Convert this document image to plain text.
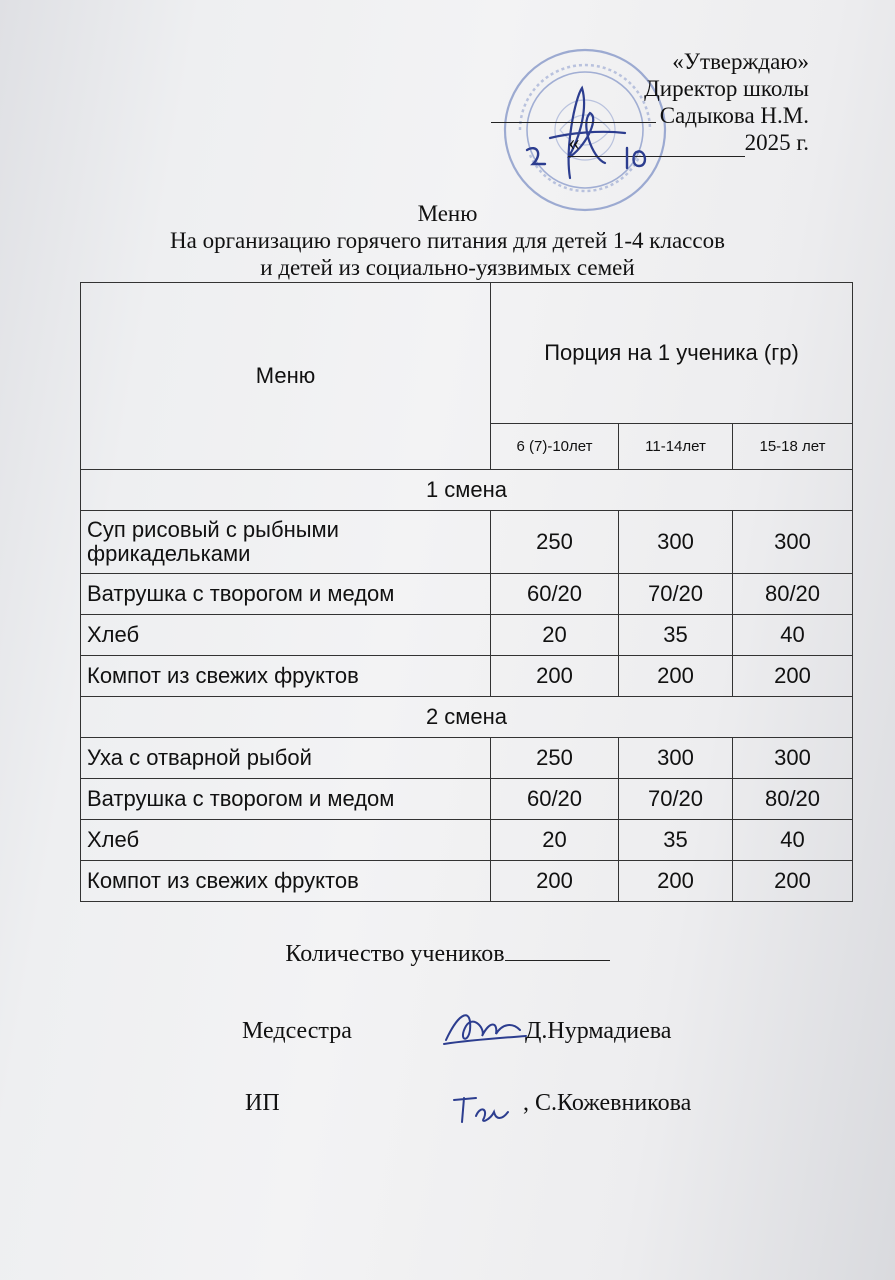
«Утверждаю»
Директор школы
Садыкова Н.М.
«	2025 г.
Меню
На организацию горячего питания для детей 1-4 классов
и детей из социально-уязвимых семей
Меню	Порция на 1 ученика (гр)		
	6 (7)-10лет	11-14лет	15-18 лет
1 смена			
Суп рисовый с рыбными фрикадельками	250	300	300
Ватрушка с творогом и медом	60/20	70/20	80/20
Хлеб	20	35	40
Компот из свежих фруктов	200	200	200
2 смена			
Уха с отварной рыбой	250	300	300
Ватрушка с творогом и медом	60/20	70/20	80/20
Хлеб	20	35	40
Компот из свежих фруктов	200	200	200
Количество учеников
Медсестра	Д.Нурмадиева
ИП	, С.Кожевникова
